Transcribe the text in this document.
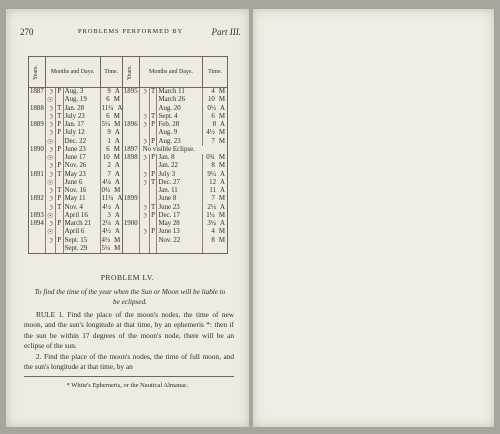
270	PROBLEMS PERFORMED BY	Part III.
Years.	Months and Days.			Time.	Years.	Months and Days.			Time.
1887	☽	P	Aug. 3	9 A	1895	☽	T	March 11	4 M
	☉		Aug. 19	6 M				March 26	10 M
1888	☽	T	Jan. 28	11¼ A				Aug. 20	0½ A
	☽	T	July 23	6 M		☽	T	Sept. 4	6 M
1889	☽	P	Jan. 17	5¼ M	1896	☽	P	Feb. 28	8 A
	☽	P	July 12	9 A				Aug. 9	4½ M
	☉		Dec. 22	1 A		☽	P	Aug. 23	7 M
1890	☽	P	June 23	6 M	1897	No visible Eclipse.			
	☉		June 17	10 M	1898	☽	P	Jan. 8	0¾ M
	☽	P	Nov. 26	2 A				Jan. 22	8 M
1891	☽	T	May 23	7 A		☽	P	July 3	9¼ A
	☉		June 6	4¼ A		☽	T	Dec. 27	12 A
	☽	T	Nov. 16	0¾ M				Jan. 11	11 A
1892	☽	P	May 11	11¼ A	1899			June 8	7 M
	☽	T	Nov. 4	4½ A		☽	T	June 23	2¼ A
1893	☉		April 16	3 A		☽	P	Dec. 17	1¼ M
1894	☽	P	March 21	2¼ A	1900			May 28	3¼ A
	☉		April 6	4½ A		☽	P	June 13	4 M
	☽	P	Sept. 15	4½ M				Nov. 22	8 M
			Sept. 29	5¼ M					
PROBLEM LV.
To find the time of the year when the Sun or Moon will be liable to be eclipsed.

RULE 1. Find the place of the moon's nodes, the time of new moon, and the sun's longitude at that time, by an ephemeris *: then if the sun be within 17 degrees of the moon's node, there will be an eclipse of the sun.

2. Find the place of the moon's nodes, the time of full moon, and the sun's longitude at that time, by an

* White's Ephemeris, or the Nautical Almanac.
